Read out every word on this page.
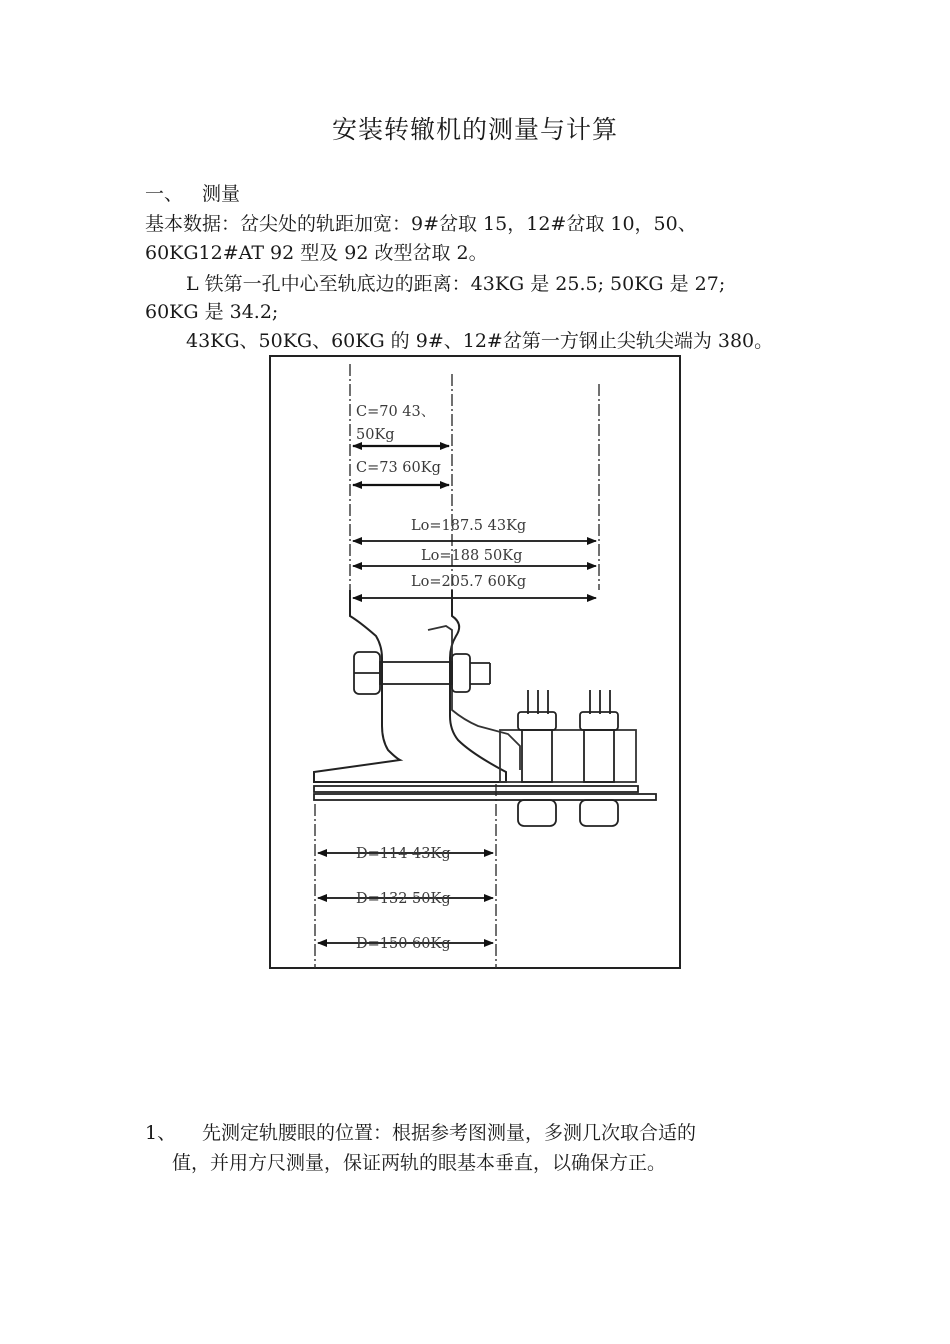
安装转辙机的测量与计算
一、 测量
基本数据：岔尖处的轨距加宽：9#岔取 15，12#岔取 10，50、
60KG12#AT 92 型及 92 改型岔取 2。
L 铁第一孔中心至轨底边的距离：43KG 是 25.5; 50KG 是 27;
60KG 是 34.2;
43KG、50KG、60KG 的 9#、12#岔第一方钢止尖轨尖端为 380。
C=70 43、
50Kg
C=73 60Kg
Lo=187.5 43Kg
Lo=188 50Kg
Lo=205.7 60Kg
D=114 43Kg
D=132 50Kg
D=150 60Kg
1、 先测定轨腰眼的位置：根据参考图测量，多测几次取合适的
值，并用方尺测量，保证两轨的眼基本垂直，以确保方正。
